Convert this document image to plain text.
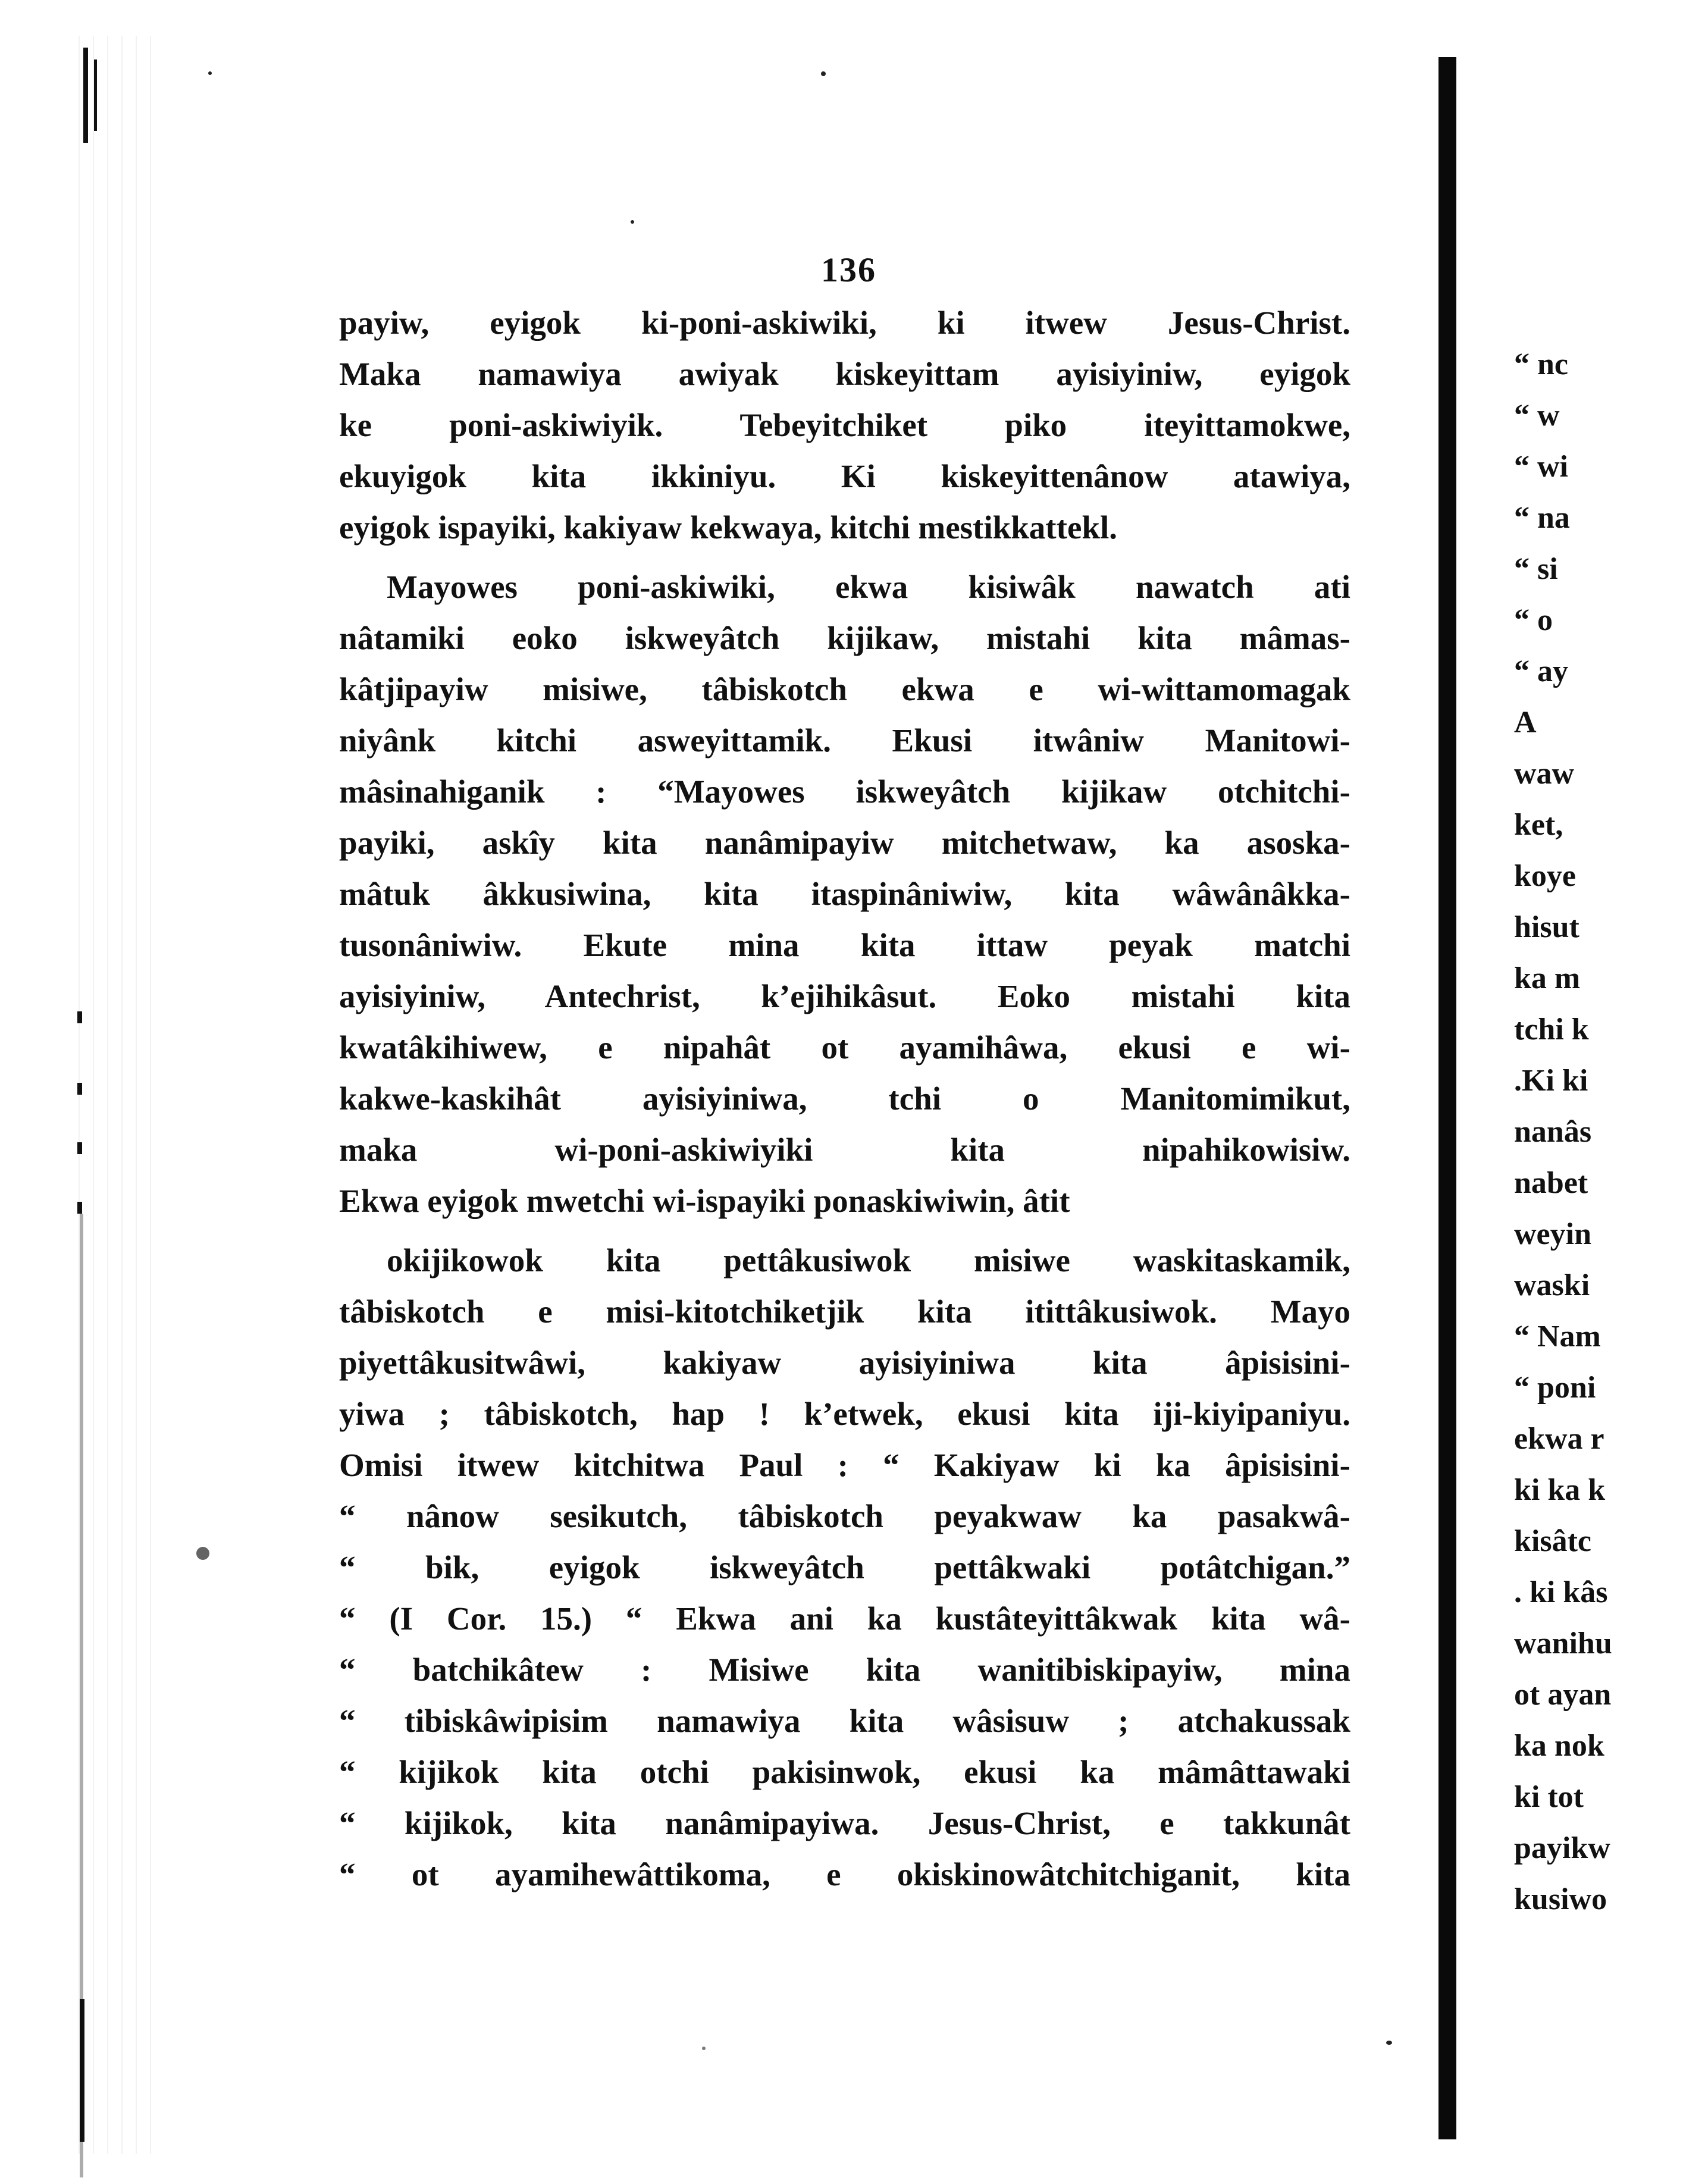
136
payiw, eyigok ki-poni-askiwiki, ki itwew Jesus-Christ.
Maka namawiya awiyak kiskeyittam ayisiyiniw, eyigok
ke poni-askiwiyik. Tebeyitchiket piko iteyittamokwe,
ekuyigok kita ikkiniyu. Ki kiskeyittenânow atawiya,
eyigok ispayiki, kakiyaw kekwaya, kitchi mestikkattekl.
Mayowes poni-askiwiki, ekwa kisiwâk nawatch ati
nâtamiki eoko iskweyâtch kijikaw, mistahi kita mâmas-
kâtjipayiw misiwe, tâbiskotch ekwa e wi-wittamomagak
niyânk kitchi asweyittamik. Ekusi itwâniw Manitowi-
mâsinahiganik : “Mayowes iskweyâtch kijikaw otchitchi-
payiki, askîy kita nanâmipayiw mitchetwaw, ka asoska-
mâtuk âkkusiwina, kita itaspinâniwiw, kita wâwânâkka-
tusonâniwiw. Ekute mina kita ittaw peyak matchi
ayisiyiniw, Antechrist, k’ejihikâsut. Eoko mistahi kita
kwatâkihiwew, e nipahât ot ayamihâwa, ekusi e wi-
kakwe-kaskihât ayisiyiniwa, tchi o Manitomimikut,
maka wi-poni-askiwiyiki kita nipahikowisiw.
Ekwa eyigok mwetchi wi-ispayiki ponaskiwiwin, âtit
okijikowok kita pettâkusiwok misiwe waskitaskamik,
tâbiskotch e misi-kitotchiketjik kita itittâkusiwok. Mayo
piyettâkusitwâwi, kakiyaw ayisiyiniwa kita âpisisini-
yiwa ; tâbiskotch, hap ! k’etwek, ekusi kita iji-kiyipaniyu.
Omisi itwew kitchitwa Paul : “ Kakiyaw ki ka âpisisini-
“ nânow sesikutch, tâbiskotch peyakwaw ka pasakwâ-
“ bik, eyigok iskweyâtch pettâkwaki potâtchigan.”
“ (I Cor. 15.) “ Ekwa ani ka kustâteyittâkwak kita wâ-
“ batchikâtew : Misiwe kita wanitibiskipayiw, mina
“ tibiskâwipisim namawiya kita wâsisuw ; atchakussak
“ kijikok kita otchi pakisinwok, ekusi ka mâmâttawaki
“ kijikok, kita nanâmipayiwa. Jesus-Christ, e takkunât
“ ot ayamihewâttikoma, e okiskinowâtchitchiganit, kita
“ nc
“ w
“ wi
“ na
“ si
“ o
“ ay
A
waw
ket,
koye
hisut
ka m
tchi k
.Ki ki
nanâs
nabet
weyin
waski
“ Nam
“ poni
ekwa r
ki ka k
kisâtc
. ki kâs
wanihu
ot ayan
ka nok
ki tot
payikw
kusiwo
